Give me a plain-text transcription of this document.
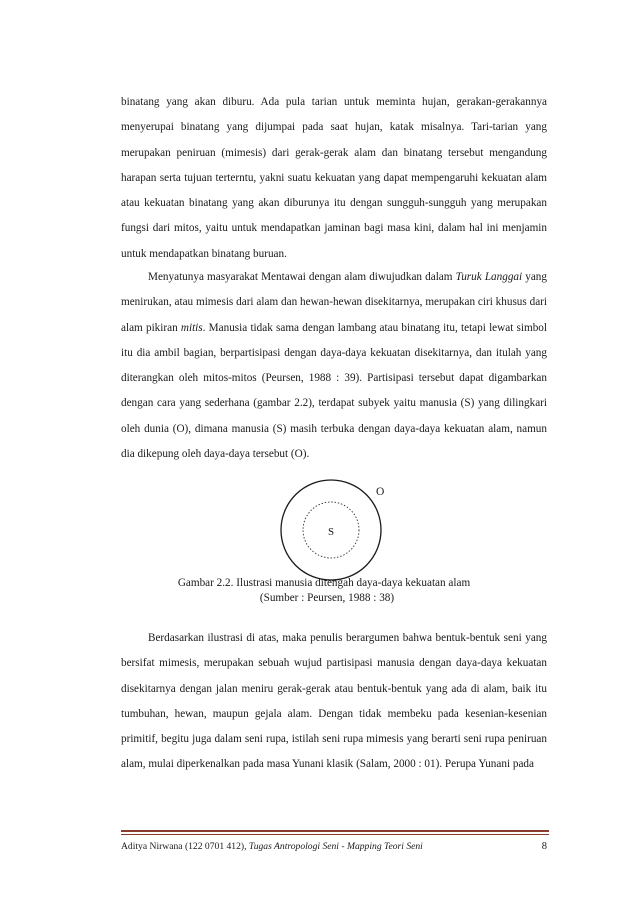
binatang yang akan diburu. Ada pula tarian untuk meminta hujan, gerakan-gerakannya menyerupai binatang yang dijumpai pada saat hujan, katak misalnya. Tari-tarian yang merupakan peniruan (mimesis) dari gerak-gerak alam dan binatang tersebut mengandung harapan serta tujuan terterntu, yakni suatu kekuatan yang dapat mempengaruhi kekuatan alam atau kekuatan binatang yang akan diburunya itu dengan sungguh-sungguh yang merupakan fungsi dari mitos, yaitu untuk mendapatkan jaminan bagi masa kini, dalam hal ini menjamin untuk mendapatkan binatang buruan.

Menyatunya masyarakat Mentawai dengan alam diwujudkan dalam Turuk Langgai yang menirukan, atau mimesis dari alam dan hewan-hewan disekitarnya, merupakan ciri khusus dari alam pikiran mitis. Manusia tidak sama dengan lambang atau binatang itu, tetapi lewat simbol itu dia ambil bagian, berpartisipasi dengan daya-daya kekuatan disekitarnya, dan itulah yang diterangkan oleh mitos-mitos (Peursen, 1988 : 39). Partisipasi tersebut dapat digambarkan dengan cara yang sederhana (gambar 2.2), terdapat subyek yaitu manusia (S) yang dilingkari oleh dunia (O), dimana manusia (S) masih terbuka dengan daya-daya kekuatan alam, namun dia dikepung oleh daya-daya tersebut (O).

O
S
Gambar 2.2. Ilustrasi manusia ditengah daya-daya kekuatan alam
(Sumber : Peursen, 1988 : 38)

Berdasarkan ilustrasi di atas, maka penulis berargumen bahwa bentuk-bentuk seni yang bersifat mimesis, merupakan sebuah wujud partisipasi manusia dengan daya-daya kekuatan disekitarnya dengan jalan meniru gerak-gerak atau bentuk-bentuk yang ada di alam, baik itu tumbuhan, hewan, maupun gejala alam. Dengan tidak membeku pada kesenian-kesenian primitif, begitu juga dalam seni rupa, istilah seni rupa mimesis yang berarti seni rupa peniruan alam, mulai diperkenalkan pada masa Yunani klasik (Salam, 2000 : 01). Perupa Yunani pada

Aditya Nirwana (122 0701 412), Tugas Antropologi Seni - Mapping Teori Seni	8
